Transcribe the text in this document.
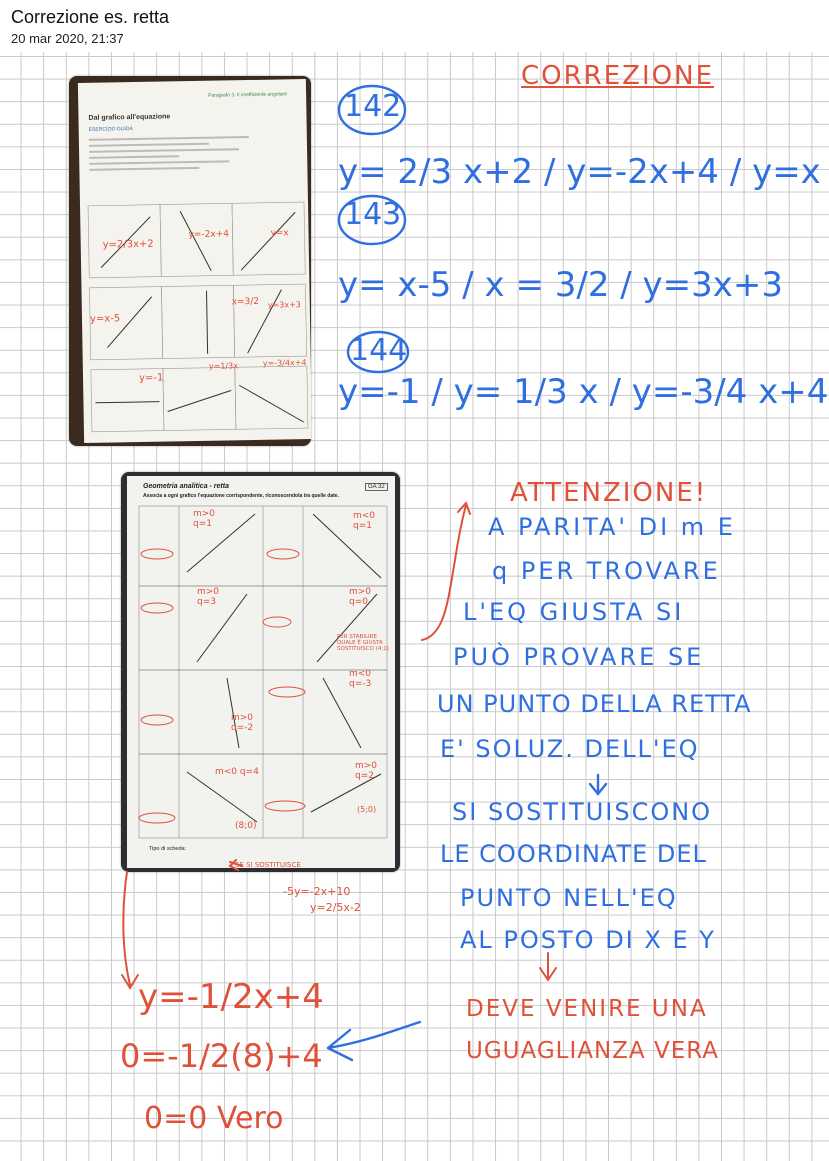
Correzione es. retta
20 mar 2020, 21:37
Paragrafo 3. Il coefficiente angolare
Dal grafico all'equazione
ESERCIZIO GUIDA
y=2/3x+2
y=-2x+4	y=x
y=x-5
x=3/2 y=3x+3
y=-1
y=1/3x	y=-3/4x+4
Geometria analitica - retta	GA 32
Associa a ogni grafico l'equazione corrispondente, riconoscendola tra quelle date.
m>0 q=1
m<0 q=1
m>0 q=3
m>0 q=0
PER STABILIRE QUALE È GIUSTA SOSTITUISCO (4;1)
m<0 q=-3
m>0 q=-2
m<0 q=4
m>0 q=2
(8;0)
(5;0)
SE SI SOSTITUISCE
Tipo di scheda:
CORREZIONE
142
y= 2/3 x+2 / y=-2x+4 / y=x
143
y= x-5 / x = 3/2 / y=3x+3
144
y=-1 / y= 1/3 x / y=-3/4 x+4
ATTENZIONE!
A PARITA' DI m E
q PER TROVARE
L'EQ GIUSTA SI
PUÒ PROVARE SE
UN PUNTO DELLA RETTA
E' SOLUZ. DELL'EQ
SI SOSTITUISCONO
LE COORDINATE DEL
PUNTO NELL'EQ
AL POSTO DI X E Y
DEVE VENIRE UNA
UGUAGLIANZA VERA
-5y=-2x+10
y=2/5x-2
y=-1/2x+4
0=-1/2(8)+4
0=0 Vero
